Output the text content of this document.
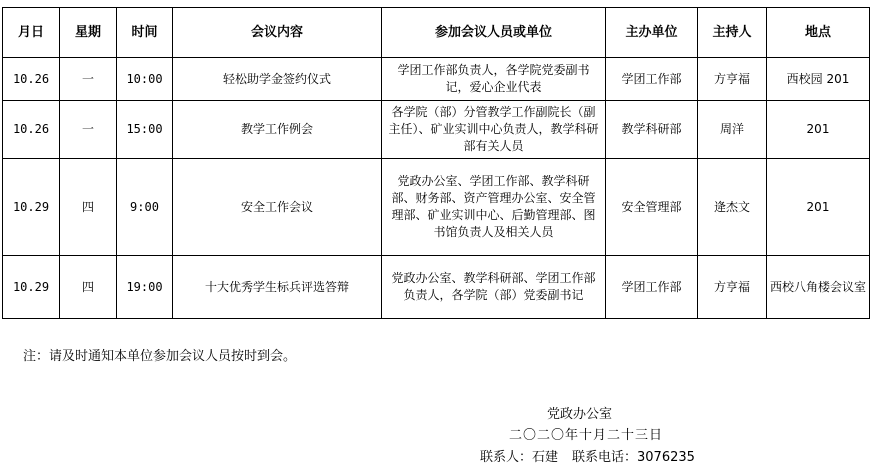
月日	星期	时间	会议内容	参加会议人员或单位	主办单位	主持人	地点
10.26	一	10:00	轻松助学金签约仪式	学团工作部负责人，各学院党委副书记，爱心企业代表	学团工作部	方亨福	西校园 201
10.26	一	15:00	教学工作例会	各学院（部）分管教学工作副院长（副主任）、矿业实训中心负责人，教学科研部有关人员	教学科研部	周洋	201
10.29	四	9:00	安全工作会议	党政办公室、学团工作部、教学科研部、财务部、资产管理办公室、安全管理部、矿业实训中心、后勤管理部、图书馆负责人及相关人员	安全管理部	逄杰文	201
10.29	四	19:00	十大优秀学生标兵评选答辩	党政办公室、教学科研部、学团工作部负责人，各学院（部）党委副书记	学团工作部	方亨福	西校八角楼会议室
注：请及时通知本单位参加会议人员按时到会。
党政办公室
二〇二〇年十月二十三日
联系人：石建 联系电话：3076235
